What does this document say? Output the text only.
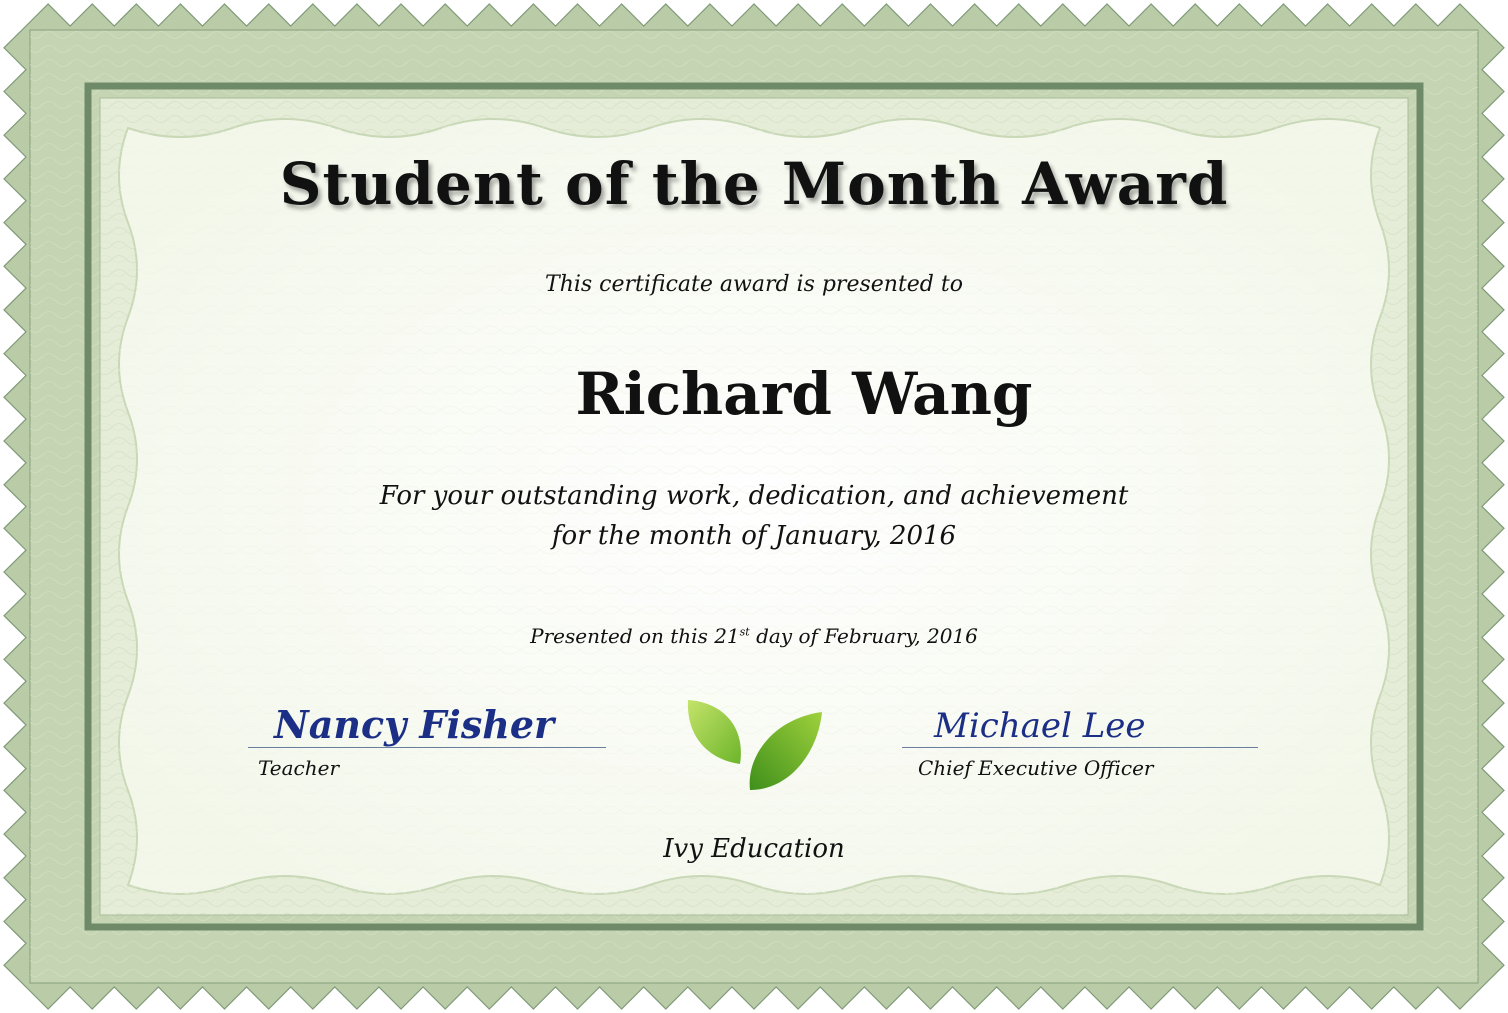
Student of the Month Award
This certificate award is presented to
Richard Wang
For your outstanding work, dedication, and achievement
for the month of January, 2016
Presented on this 21st day of February, 2016
Nancy Fisher
Teacher
Michael Lee
Chief Executive Officer
Ivy Education
